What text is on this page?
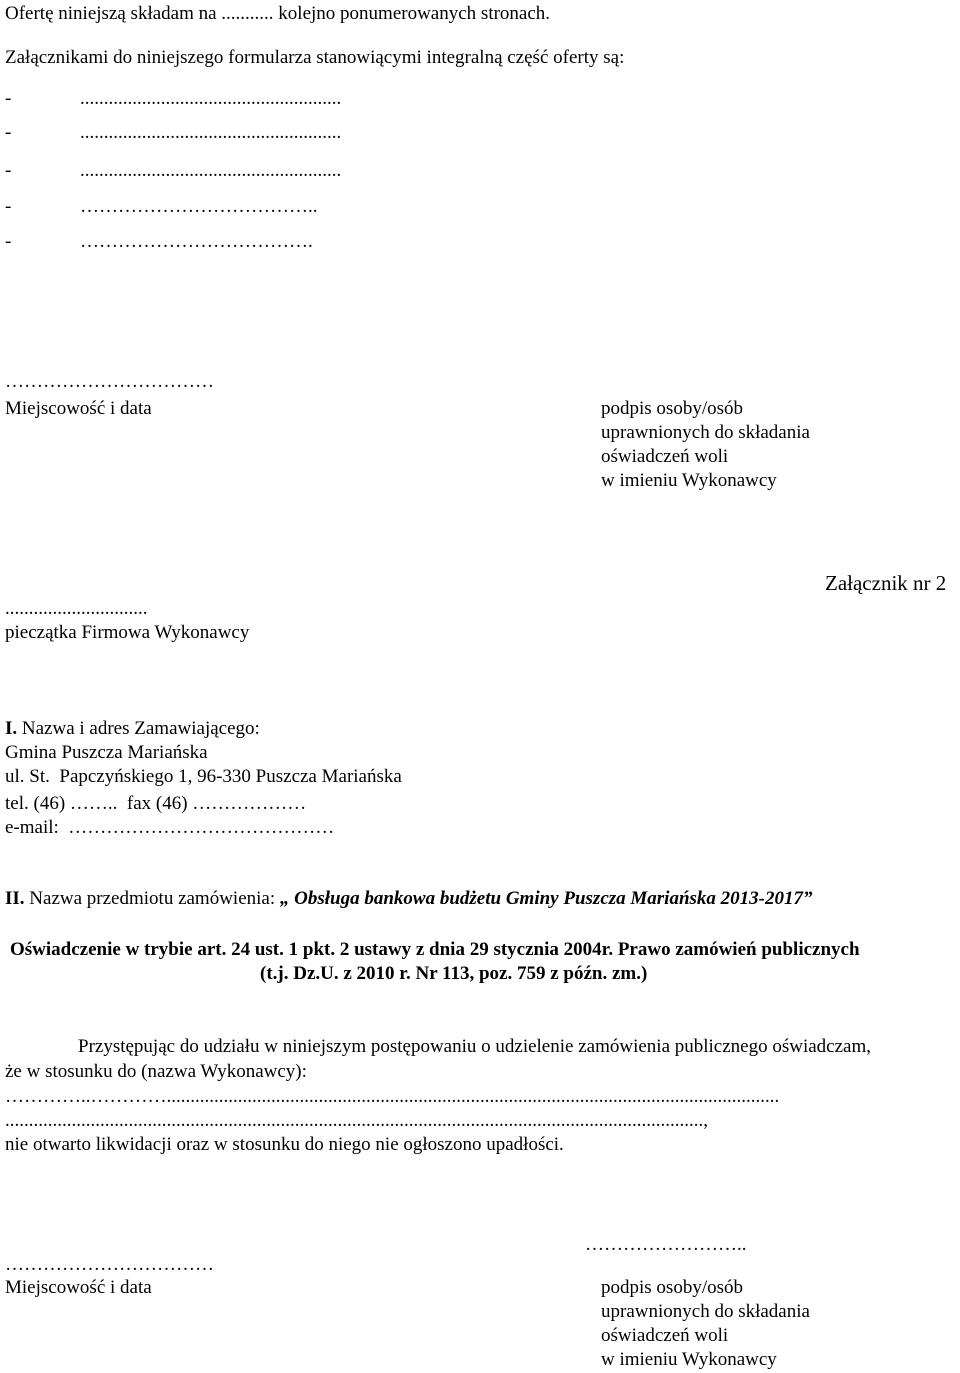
Ofertę niniejszą składam na ........... kolejno ponumerowanych stronach.
Załącznikami do niniejszego formularza stanowiącymi integralną część oferty są:
-	.......................................................
-	.......................................................
-	.......................................................
-	………………………………..
-	……………………………….
……………………………
Miejscowość i data	podpis osoby/osób
uprawnionych do składania
oświadczeń woli
w imieniu Wykonawcy
Załącznik nr 2
..............................
pieczątka Firmowa Wykonawcy
I. Nazwa i adres Zamawiającego:
Gmina Puszcza Mariańska
ul. St.  Papczyńskiego 1, 96-330 Puszcza Mariańska
tel. (46) ……..  fax (46) ………………
e-mail:  ……………………………………
II. Nazwa przedmiotu zamówienia: „ Obsługa bankowa budżetu Gminy Puszcza Mariańska 2013-2017”
Oświadczenie w trybie art. 24 ust. 1 pkt. 2 ustawy z dnia 29 stycznia 2004r. Prawo zamówień publicznych
(t.j. Dz.U. z 2010 r. Nr 113, poz. 759 z późn. zm.)
Przystępując do udziału w niniejszym postępowaniu o udzielenie zamówienia publicznego oświadczam,
że w stosunku do (nazwa Wykonawcy):
…………..………….................................................................................................................................
...................................................................................................................................................,
nie otwarto likwidacji oraz w stosunku do niego nie ogłoszono upadłości.
……………………..
……………………………
Miejscowość i data	podpis osoby/osób
uprawnionych do składania
oświadczeń woli
w imieniu Wykonawcy
